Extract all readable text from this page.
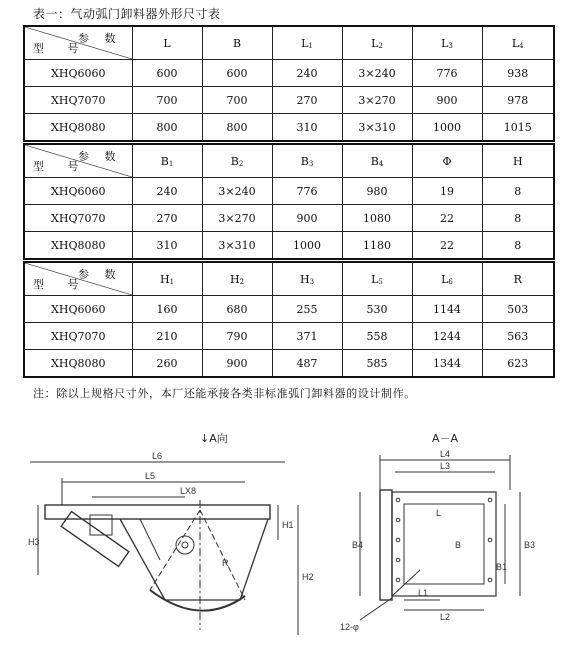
表一：气动弧门卸料器外形尺寸表
参 数
型 号	L	B	L1	L2	L3	L4
XHQ6060	600	600	240	3×240	776	938
XHQ7070	700	700	270	3×270	900	978
XHQ8080	800	800	310	3×310	1000	1015
参 数
型 号	B1	B2	B3	B4	Φ	H
XHQ6060	240	3×240	776	980	19	8
XHQ7070	270	3×270	900	1080	22	8
XHQ8080	310	3×310	1000	1180	22	8
参 数
型 号	H1	H2	H3	L5	L6	R
XHQ6060	160	680	255	530	1144	503
XHQ7070	210	790	371	558	1244	563
XHQ8080	260	900	487	585	1344	623
注：除以上规格尺寸外，本厂还能承接各类非标准弧门卸料器的设计制作。
↓A向
L6
L5
LX8
H3
H1
H2
R
A－A
L4
L3
L
B
B4	B3
B1
L1
L2
12-φ
